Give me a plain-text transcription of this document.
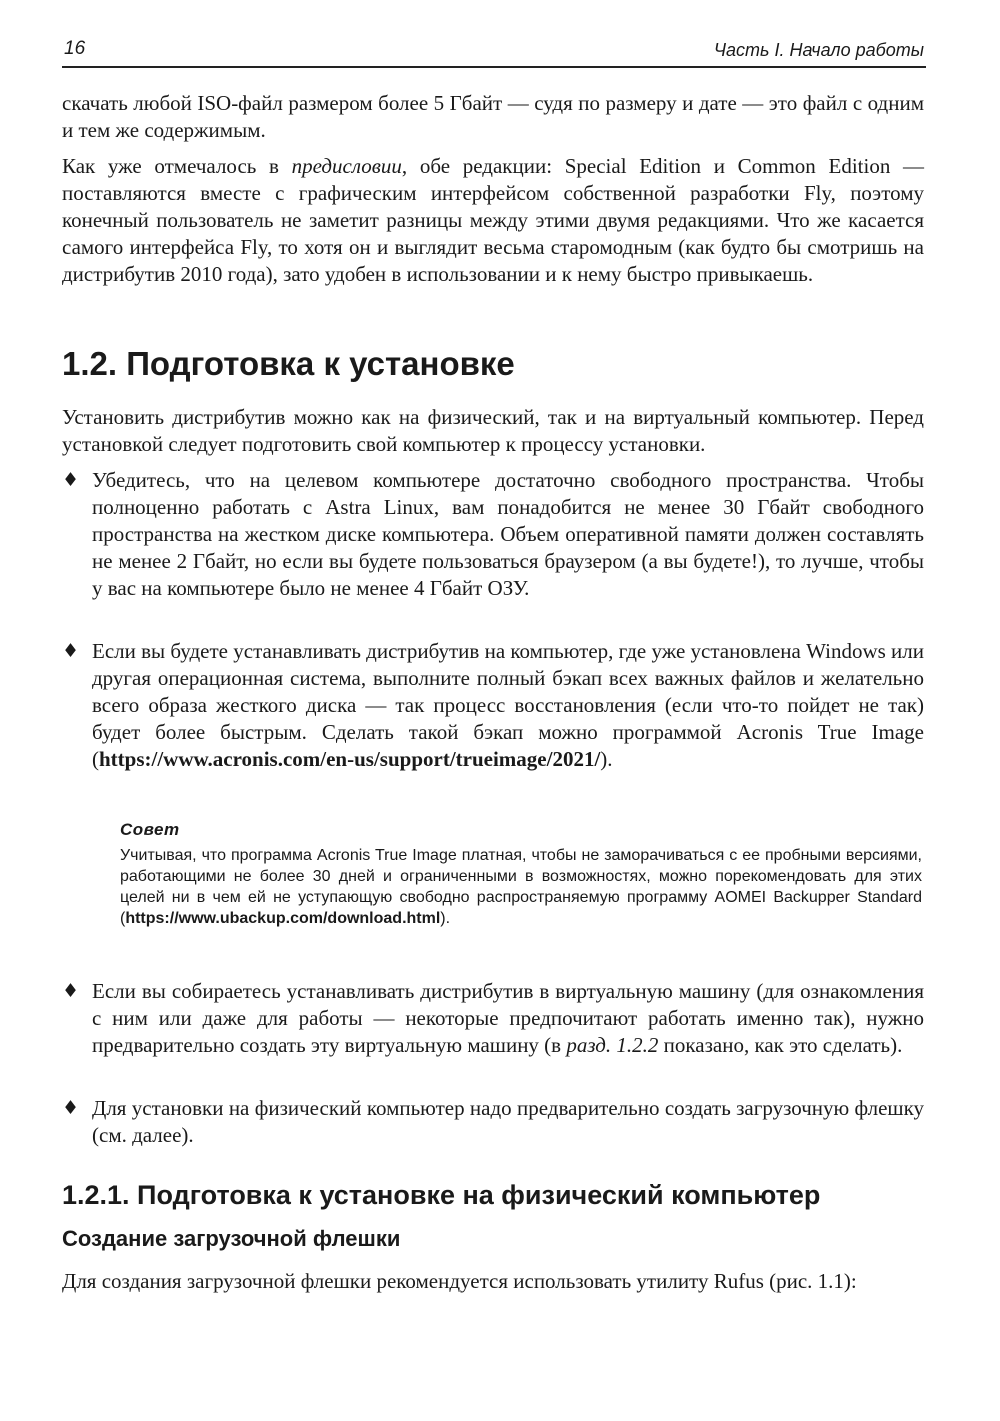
16	Часть I. Начало работы

скачать любой ISO-файл размером более 5 Гбайт — судя по размеру и дате — это файл с одним и тем же содержимым.

Как уже отмечалось в предисловии, обе редакции: Special Edition и Common Edition — поставляются вместе с графическим интерфейсом собственной разработки Fly, поэтому конечный пользователь не заметит разницы между этими двумя редакциями. Что же касается самого интерфейса Fly, то хотя он и выглядит весьма старомодным (как будто бы смотришь на дистрибутив 2010 года), зато удобен в использовании и к нему быстро привыкаешь.

1.2. Подготовка к установке

Установить дистрибутив можно как на физический, так и на виртуальный компьютер. Перед установкой следует подготовить свой компьютер к процессу установки.

♦ Убедитесь, что на целевом компьютере достаточно свободного пространства. Чтобы полноценно работать с Astra Linux, вам понадобится не менее 30 Гбайт свободного пространства на жестком диске компьютера. Объем оперативной памяти должен составлять не менее 2 Гбайт, но если вы будете пользоваться браузером (а вы будете!), то лучше, чтобы у вас на компьютере было не менее 4 Гбайт ОЗУ.
♦ Если вы будете устанавливать дистрибутив на компьютер, где уже установлена Windows или другая операционная система, выполните полный бэкап всех важных файлов и желательно всего образа жесткого диска — так процесс восстановления (если что-то пойдет не так) будет более быстрым. Сделать такой бэкап можно программой Acronis True Image (https://www.acronis.com/en-us/support/trueimage/2021/).
Совет
Учитывая, что программа Acronis True Image платная, чтобы не заморачиваться с ее пробными версиями, работающими не более 30 дней и ограниченными в возможностях, можно порекомендовать для этих целей ни в чем ей не уступающую свободно распространяемую программу AOMEI Backupper Standard (https://www.ubackup.com/download.html).
♦ Если вы собираетесь устанавливать дистрибутив в виртуальную машину (для ознакомления с ним или даже для работы — некоторые предпочитают работать именно так), нужно предварительно создать эту виртуальную машину (в разд. 1.2.2 показано, как это сделать).
♦ Для установки на физический компьютер надо предварительно создать загрузочную флешку (см. далее).
1.2.1. Подготовка к установке на физический компьютер
Создание загрузочной флешки

Для создания загрузочной флешки рекомендуется использовать утилиту Rufus (рис. 1.1):
